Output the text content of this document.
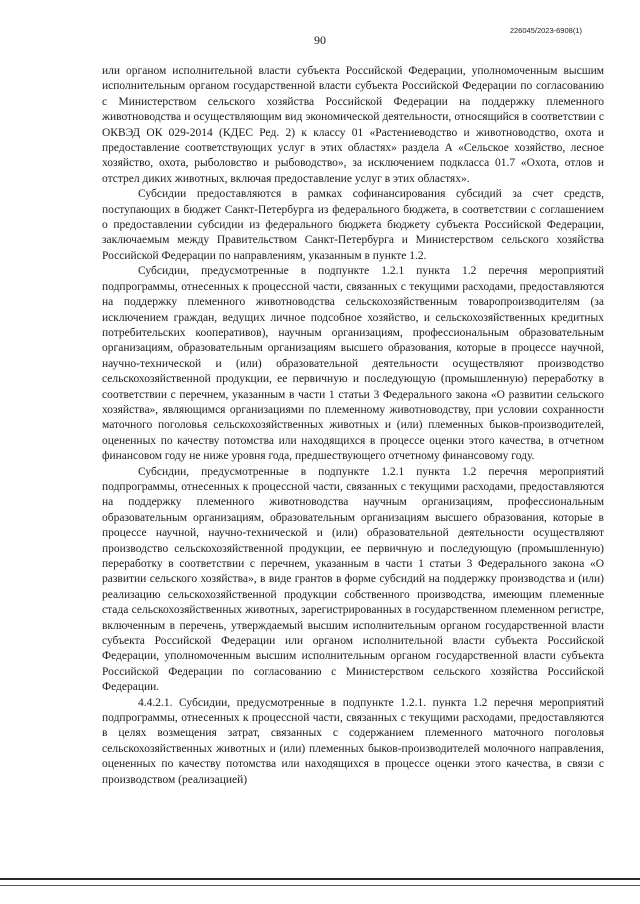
226045/2023-6908(1)
90

или органом исполнительной власти субъекта Российской Федерации, уполномоченным высшим исполнительным органом государственной власти субъекта Российской Федерации по согласованию с Министерством сельского хозяйства Российской Федерации на поддержку племенного животноводства и осуществляющим вид экономической деятельности, относящийся в соответствии с ОКВЭД ОК 029-2014 (КДЕС Ред. 2) к классу 01 «Растениеводство и животноводство, охота и предоставление соответствующих услуг в этих областях» раздела А «Сельское хозяйство, лесное хозяйство, охота, рыболовство и рыбоводство», за исключением подкласса 01.7 «Охота, отлов и отстрел диких животных, включая предоставление услуг в этих областях».

Субсидии предоставляются в рамках софинансирования субсидий за счет средств, поступающих в бюджет Санкт-Петербурга из федерального бюджета, в соответствии с соглашением о предоставлении субсидии из федерального бюджета бюджету субъекта Российской Федерации, заключаемым между Правительством Санкт-Петербурга и Министерством сельского хозяйства Российской Федерации по направлениям, указанным в пункте 1.2.

Субсидии, предусмотренные в подпункте 1.2.1 пункта 1.2 перечня мероприятий подпрограммы, отнесенных к процессной части, связанных с текущими расходами, предоставляются на поддержку племенного животноводства сельскохозяйственным товаропроизводителям (за исключением граждан, ведущих личное подсобное хозяйство, и сельскохозяйственных кредитных потребительских кооперативов), научным организациям, профессиональным образовательным организациям, образовательным организациям высшего образования, которые в процессе научной, научно-технической и (или) образовательной деятельности осуществляют производство сельскохозяйственной продукции, ее первичную и последующую (промышленную) переработку в соответствии с перечнем, указанным в части 1 статьи 3 Федерального закона «О развитии сельского хозяйства», являющимся организациями по племенному животноводству, при условии сохранности маточного поголовья сельскохозяйственных животных и (или) племенных быков-производителей, оцененных по качеству потомства или находящихся в процессе оценки этого качества, в отчетном финансовом году не ниже уровня года, предшествующего отчетному финансовому году.

Субсидии, предусмотренные в подпункте 1.2.1 пункта 1.2 перечня мероприятий подпрограммы, отнесенных к процессной части, связанных с текущими расходами, предоставляются на поддержку племенного животноводства научным организациям, профессиональным образовательным организациям, образовательным организациям высшего образования, которые в процессе научной, научно-технической и (или) образовательной деятельности осуществляют производство сельскохозяйственной продукции, ее первичную и последующую (промышленную) переработку в соответствии с перечнем, указанным в части 1 статьи 3 Федерального закона «О развитии сельского хозяйства», в виде грантов в форме субсидий на поддержку производства и (или) реализацию сельскохозяйственной продукции собственного производства, имеющим племенные стада сельскохозяйственных животных, зарегистрированных в государственном племенном регистре, включенным в перечень, утверждаемый высшим исполнительным органом государственной власти субъекта Российской Федерации или органом исполнительной власти субъекта Российской Федерации, уполномоченным высшим исполнительным органом государственной власти субъекта Российской Федерации по согласованию с Министерством сельского хозяйства Российской Федерации.

4.4.2.1. Субсидии, предусмотренные в подпункте 1.2.1. пункта 1.2 перечня мероприятий подпрограммы, отнесенных к процессной части, связанных с текущими расходами, предоставляются в целях возмещения затрат, связанных с содержанием племенного маточного поголовья сельскохозяйственных животных и (или) племенных быков-производителей молочного направления, оцененных по качеству потомства или находящихся в процессе оценки этого качества, в связи с производством (реализацией)
